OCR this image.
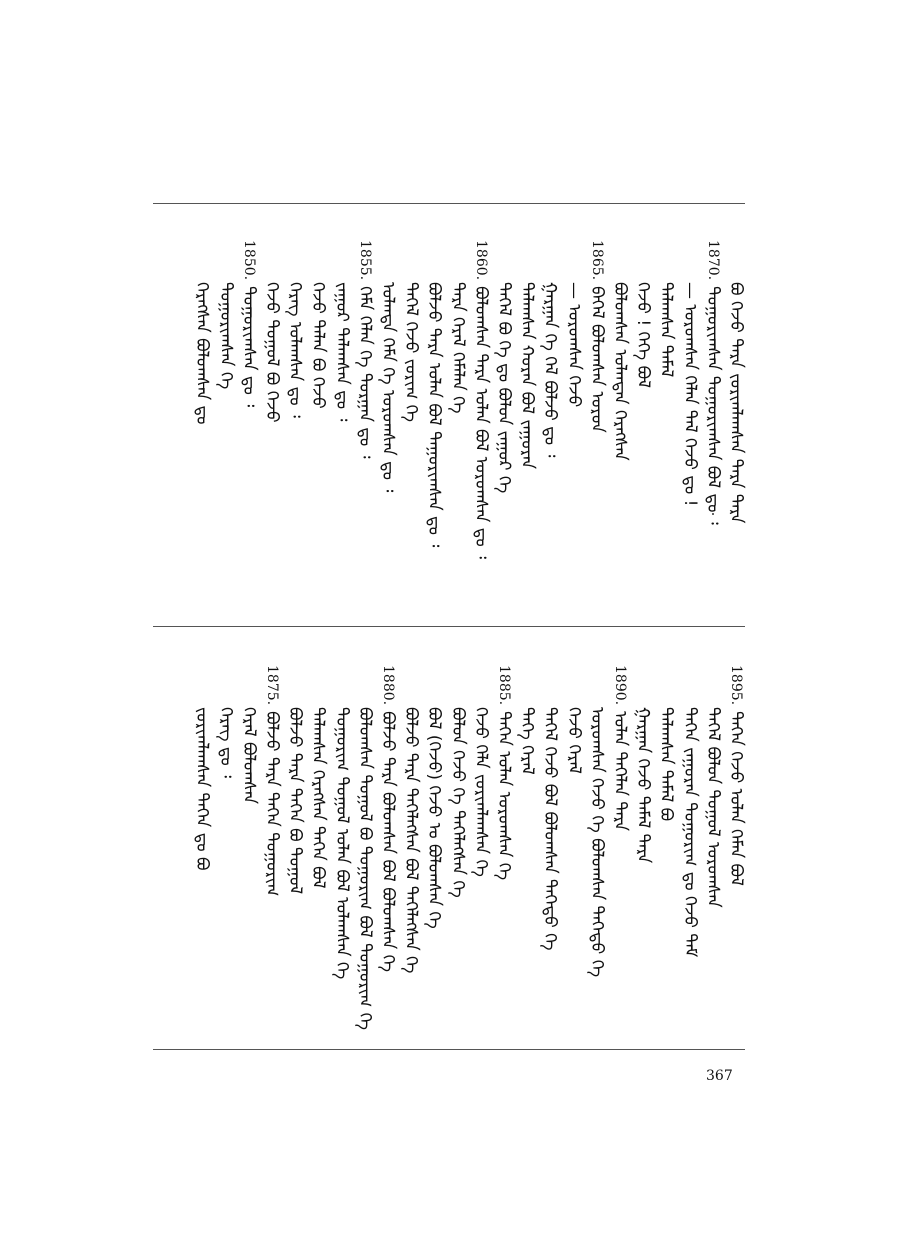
ᠪᠣ ᠭᠡᠵᠦ ᠲᠡᠷᠡ ᠵᠣᠷᠢᠭᠯᠠᠭᠰᠠᠨ ᠲᠡᠷᠡ ᠲᠡᠷᠡ
1870.ᠲᠣᠭᠣᠷᠢᠭᠰᠠᠨ ᠲᠣᠭᠣᠷᠢᠭᠰᠠᠨ ᠪᠣᠯ ᠳᠤ ᠄
— ᠣᠷᠣᠭᠰᠠᠨ ᠬᠡᠯᠡᠨ ᠳᠡᠯ ᠬᠡᠵᠦ ᠳᠤ !
ᠲᠠᠯᠠᠭᠰᠠᠨ ᠲᠡᠮᠡᠯ
ᠬᠡᠵᠦ ! ᠭᠡᠭᠡ ᠪᠣᠯ
ᠪᠣᠯᠤᠭᠰᠠᠨ ᠣᠯᠠᠨᠲᠠᠨ ᠭᠡᠷᠡᠭᠰᠡᠨ
1865.ᠪᠡᠬᠡᠯ ᠪᠣᠯᠤᠭᠰᠠᠨ ᠣᠷᠣᠨ
— ᠣᠷᠣᠭᠰᠠᠨ ᠬᠡᠵᠦ
ᠭᠠᠷᠭᠠᠨ ᠬᠡ ᠬᠡᠯ ᠪᠣᠯᠵᠤ ᠳᠤ ᠄
ᠲᠠᠯᠠᠭᠰᠠᠨ ᠬᠤᠷᠠᠨ ᠪᠣᠯ ᠵᠠᠭᠤᠷᠠᠨ
ᠲᠡᠭᠡᠯ ᠪᠣ ᠬᠡ ᠳᠤ ᠪᠣᠯᠤᠨ ᠵᠠᠭᠤᠷ ᠬᠡ
1860.ᠪᠣᠯᠤᠭᠰᠠᠨ ᠲᠡᠷᠡ ᠣᠯᠠᠨ ᠪᠣᠯ ᠣᠷᠣᠭᠰᠠᠨ ᠳᠤ ᠄
ᠲᠡᠷᠡ ᠭᠡᠷᠡᠯ ᠬᠡᠮᠡᠯᠡᠨ ᠬᠡ
ᠪᠣᠯᠵᠤ ᠲᠡᠷᠡ ᠣᠯᠠᠨ ᠪᠣᠯ ᠳᠠᠭᠤᠷᠢᠭᠰᠠᠨ ᠳᠤ ᠄
ᠲᠡᠭᠡᠯ ᠬᠡᠵᠦ ᠵᠣᠷᠢᠭ ᠬᠡ
ᠣᠯᠠᠨᠲᠠ ᠬᠡᠮᠡ ᠬᠡ ᠣᠷᠣᠭᠰᠠᠨ ᠳᠤ ᠄
1855.ᠬᠡᠮᠡ ᠬᠡᠯᠡᠨ ᠬᠡ ᠲᠤᠷᠭᠠᠨ ᠳᠤ ᠄
ᠵᠠᠭᠤᠷ ᠲᠠᠯᠠᠭᠰᠠᠨ ᠳᠤ ᠄
ᠬᠡᠵᠦ ᠲᠠᠯᠠᠨ ᠪᠣ ᠬᠡᠵᠦ
ᠭᠡᠷᠡᠭ ᠣᠯᠠᠭᠰᠠᠨ ᠳᠤ ᠄
ᠬᠡᠵᠦ ᠲᠣᠭᠣᠯ ᠪᠣ ᠬᠡᠵᠦ
1850.ᠲᠣᠭᠣᠷᠢᠭᠰᠠᠨ ᠳᠤ ᠄
ᠲᠣᠭᠣᠷᠢᠭᠰᠠᠨ ᠬᠡ
ᠭᠡᠷᠡᠭᠰᠡᠨ ᠪᠣᠯᠤᠭᠰᠠᠨ ᠳᠤ
1895.ᠲᠡᠭᠡᠨ ᠬᠡᠵᠦ ᠣᠯᠠᠨ ᠬᠡᠮᠡᠨ ᠪᠣᠯ
ᠲᠡᠭᠡᠯ ᠪᠣᠯᠤᠨ ᠲᠣᠭᠣᠯ ᠣᠷᠣᠭᠰᠠᠨ
ᠲᠡᠭᠡᠨ ᠵᠠᠭᠤᠷᠠᠨ ᠲᠣᠭᠣᠷᠢᠭ ᠳᠤ ᠬᠡᠵᠦ ᠲᠡᠮ
ᠲᠠᠯᠠᠭᠰᠠᠨ ᠲᠡᠮᠡᠯ ᠪᠣ
ᠭᠠᠷᠭᠠᠨ ᠬᠡᠵᠦ ᠲᠡᠮᠡᠯ ᠲᠡᠷᠡ
1890.ᠣᠯᠠᠨ ᠲᠡᠭᠡᠯᠡᠨ ᠲᠡᠷᠡ
ᠣᠷᠣᠭᠰᠠᠨ ᠬᠡᠵᠦ ᠬᠡ ᠪᠣᠯᠤᠭᠰᠠᠨ ᠳᠡᠭᠡᠳᠦ ᠬᠡ
ᠬᠡᠵᠦ ᠭᠡᠷᠡᠯ
ᠲᠡᠭᠡᠯ ᠬᠡᠵᠦ ᠪᠣᠯ ᠪᠣᠯᠤᠭᠰᠠᠨ ᠳᠡᠭᠡᠳᠦ ᠬᠡ
ᠲᠡᠭᠡ ᠭᠡᠷᠡᠯ
1885.ᠲᠡᠭᠡᠨ ᠣᠯᠠᠨ ᠣᠷᠣᠭᠰᠠᠨ ᠬᠡ
ᠬᠡᠵᠦ ᠬᠡᠯᠡ ᠵᠣᠷᠢᠭᠯᠠᠭᠰᠠᠨ ᠬᠡ
ᠪᠣᠯᠤᠨ ᠬᠡᠵᠦ ᠬᠡ ᠲᠡᠭᠡᠯᠡᠭᠰᠡᠨ ᠬᠡ
ᠪᠣᠯ (ᠬᠡᠵᠦ) ᠭᠡᠵᠦ ᠣ ᠪᠣᠯᠤᠭᠰᠠᠨ ᠬᠡ
ᠪᠣᠯᠵᠤ ᠲᠡᠷᠡ ᠲᠡᠭᠡᠯᠡᠭᠰᠡᠨ ᠪᠣᠯ ᠲᠡᠭᠡᠯᠡᠭᠰᠡᠨ ᠬᠡ
1880.ᠪᠣᠯᠵᠤ ᠲᠡᠷᠡ ᠪᠣᠯᠤᠭᠰᠠᠨ ᠪᠣᠯ ᠪᠣᠯᠤᠭᠰᠠᠨ ᠬᠡ
ᠪᠣᠯᠤᠭᠰᠠᠨ ᠲᠣᠭᠣᠯ ᠪᠣ ᠲᠣᠭᠣᠷᠢᠭ ᠪᠣᠯ ᠲᠣᠭᠣᠷᠢᠭ ᠬᠡ
ᠲᠣᠭᠣᠷᠢᠭ ᠲᠣᠭᠣᠯ ᠣᠯᠠᠨ ᠪᠣᠯ ᠣᠯᠠᠭᠰᠠᠨ ᠬᠡ
ᠲᠠᠯᠠᠭᠰᠠᠨ ᠭᠡᠷᠡᠭᠰᠡᠨ ᠲᠡᠭᠡᠨ ᠪᠣᠯ
ᠪᠣᠯᠵᠤ ᠲᠡᠷᠡ ᠲᠡᠭᠡᠨ ᠪᠣ ᠲᠣᠭᠣᠯ
1875.ᠪᠣᠯᠵᠤ ᠲᠡᠷᠡ ᠲᠡᠭᠡᠨ ᠲᠣᠭᠣᠷᠢᠭ
ᠭᠡᠷᠡᠯ ᠪᠣᠯᠤᠭᠰᠠᠨ
ᠭᠡᠷᠡᠭ ᠳᠤ ᠄
ᠵᠣᠷᠢᠭᠯᠠᠭᠰᠠᠨ ᠲᠡᠭᠡᠨ ᠳᠤ ᠪᠣ
367
